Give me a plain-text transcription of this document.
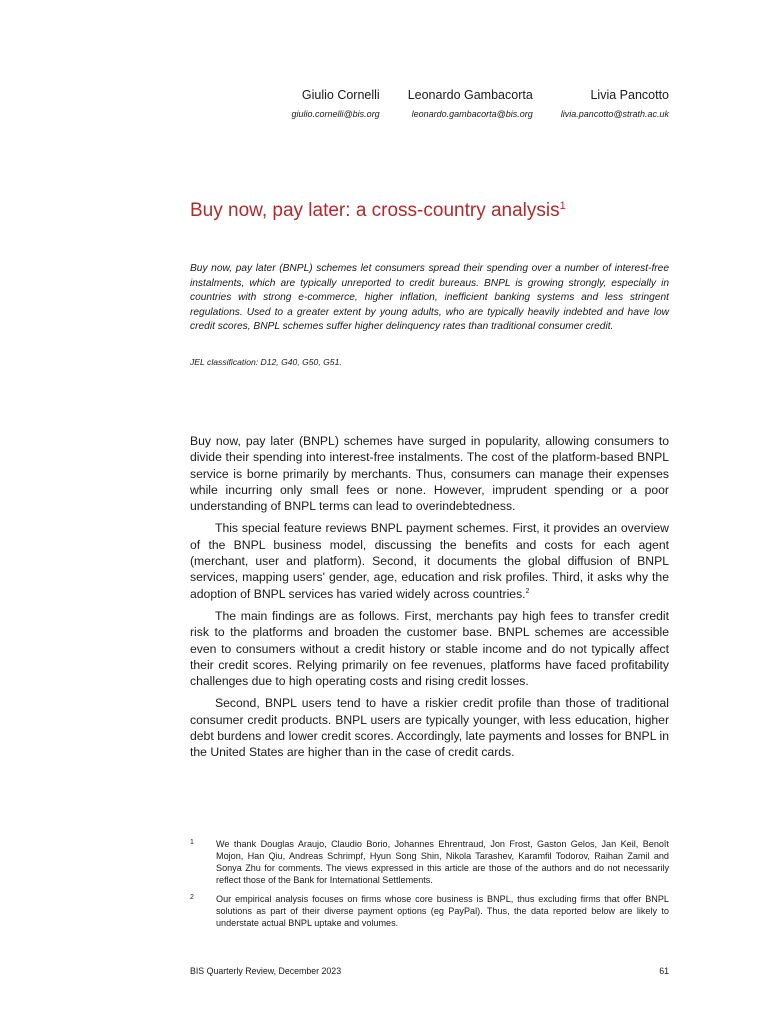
Giulio Cornelli
giulio.cornelli@bis.org
Leonardo Gambacorta
leonardo.gambacorta@bis.org
Livia Pancotto
livia.pancotto@strath.ac.uk
Buy now, pay later: a cross-country analysis$^1$

Buy now, pay later (BNPL) schemes let consumers spread their spending over a number of interest-free instalments, which are typically unreported to credit bureaus. BNPL is growing strongly, especially in countries with strong e-commerce, higher inflation, inefficient banking systems and less stringent regulations. Used to a greater extent by young adults, who are typically heavily indebted and have low credit scores, BNPL schemes suffer higher delinquency rates than traditional consumer credit.

JEL classification: D12, G40, G50, G51.

Buy now, pay later (BNPL) schemes have surged in popularity, allowing consumers to divide their spending into interest-free instalments. The cost of the platform-based BNPL service is borne primarily by merchants. Thus, consumers can manage their expenses while incurring only small fees or none. However, imprudent spending or a poor understanding of BNPL terms can lead to overindebtedness.

This special feature reviews BNPL payment schemes. First, it provides an overview of the BNPL business model, discussing the benefits and costs for each agent (merchant, user and platform). Second, it documents the global diffusion of BNPL services, mapping users' gender, age, education and risk profiles. Third, it asks why the adoption of BNPL services has varied widely across countries.$^2$

The main findings are as follows. First, merchants pay high fees to transfer credit risk to the platforms and broaden the customer base. BNPL schemes are accessible even to consumers without a credit history or stable income and do not typically affect their credit scores. Relying primarily on fee revenues, platforms have faced profitability challenges due to high operating costs and rising credit losses.

Second, BNPL users tend to have a riskier credit profile than those of traditional consumer credit products. BNPL users are typically younger, with less education, higher debt burdens and lower credit scores. Accordingly, late payments and losses for BNPL in the United States are higher than in the case of credit cards.

1	We thank Douglas Araujo, Claudio Borio, Johannes Ehrentraud, Jon Frost, Gaston Gelos, Jan Keil, Benoît Mojon, Han Qiu, Andreas Schrimpf, Hyun Song Shin, Nikola Tarashev, Karamfil Todorov, Raihan Zamil and Sonya Zhu for comments. The views expressed in this article are those of the authors and do not necessarily reflect those of the Bank for International Settlements.
2	Our empirical analysis focuses on firms whose core business is BNPL, thus excluding firms that offer BNPL solutions as part of their diverse payment options (eg PayPal). Thus, the data reported below are likely to understate actual BNPL uptake and volumes.
BIS Quarterly Review, December 2023	61
